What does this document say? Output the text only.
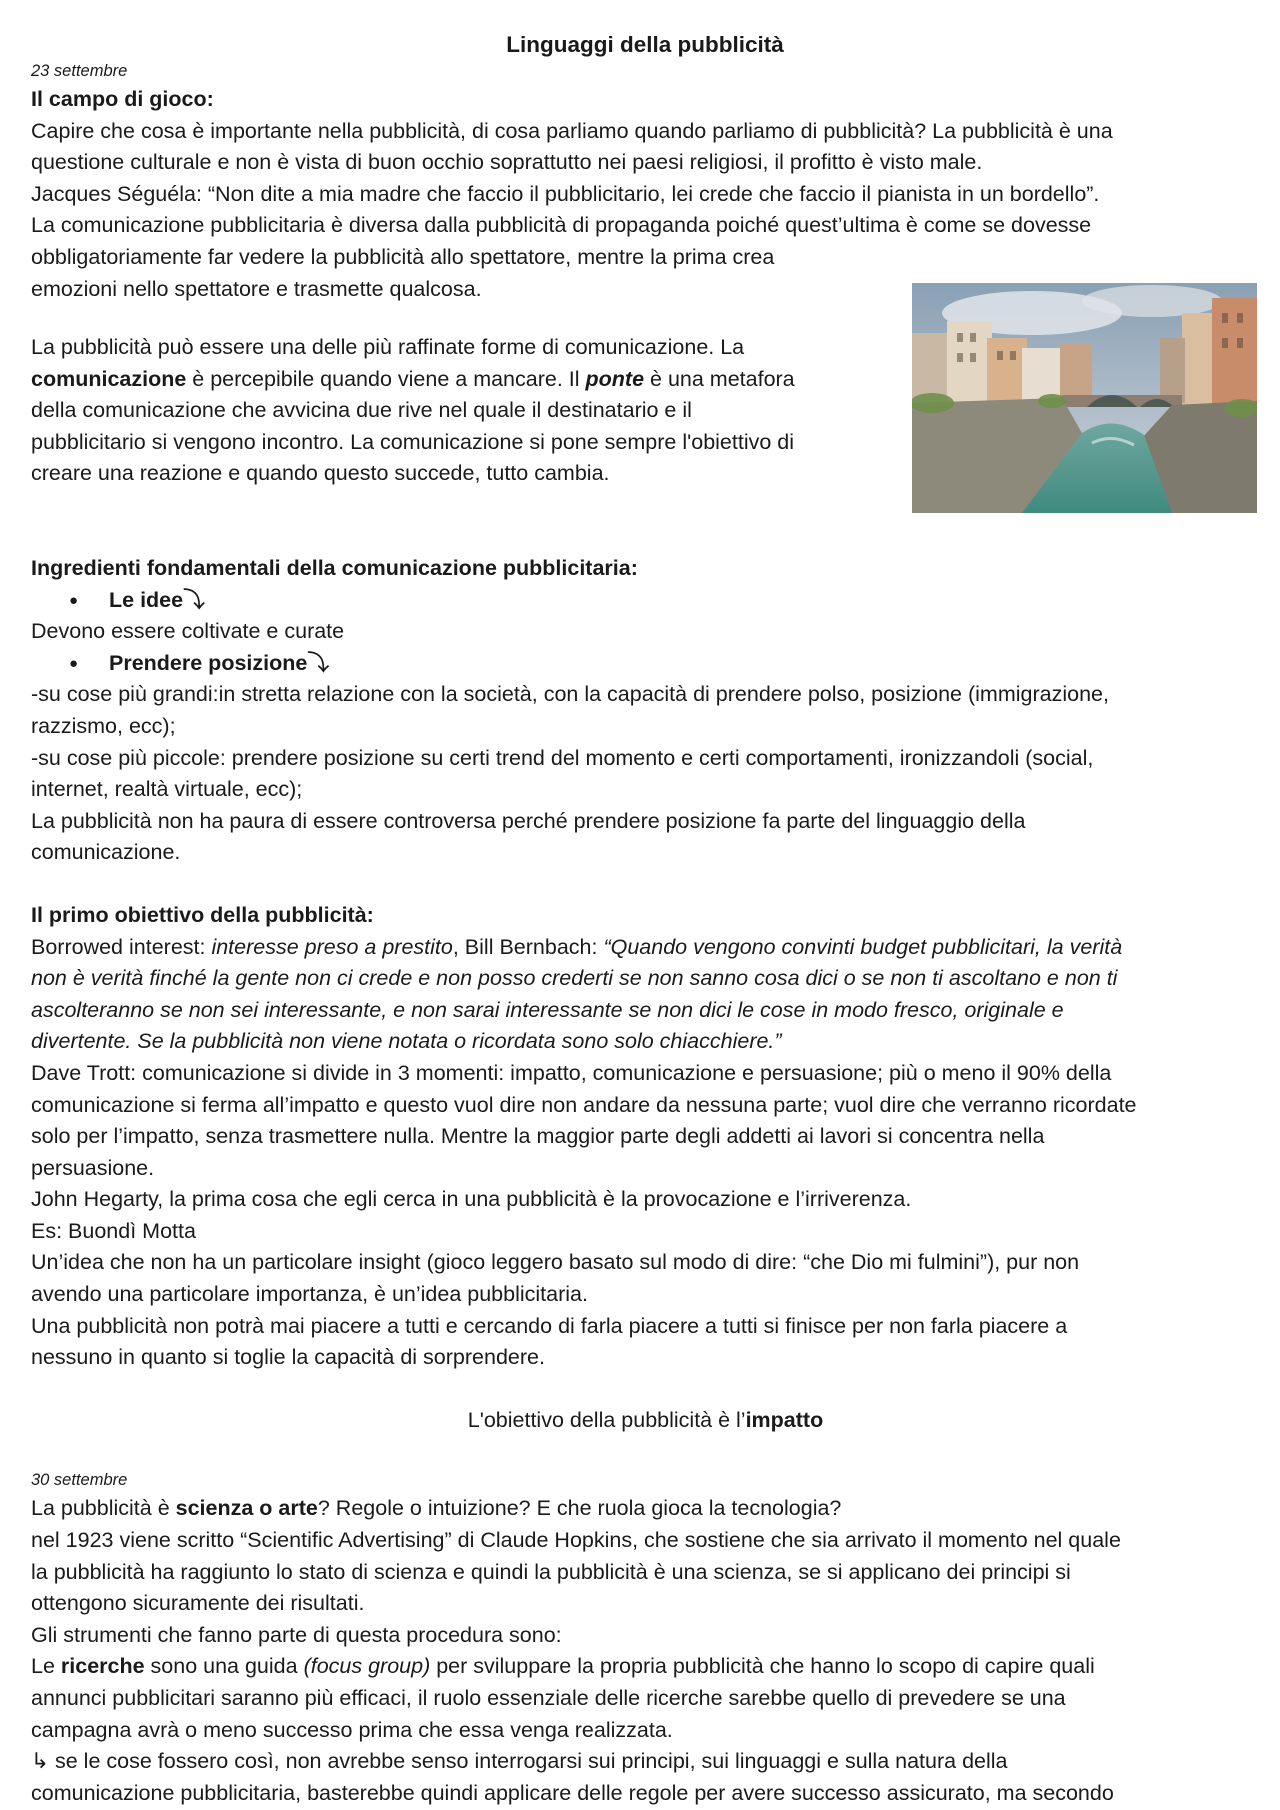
Linguaggi della pubblicità
23 settembre
Il campo di gioco:

Capire che cosa è importante nella pubblicità, di cosa parliamo quando parliamo di pubblicità? La pubblicità è una

questione culturale e non è vista di buon occhio soprattutto nei paesi religiosi, il profitto è visto male.

Jacques Séguéla: “Non dite a mia madre che faccio il pubblicitario, lei crede che faccio il pianista in un bordello”.

La comunicazione pubblicitaria è diversa dalla pubblicità di propaganda poiché quest’ultima è come se dovesse

obbligatoriamente far vedere la pubblicità allo spettatore, mentre la prima crea

emozioni nello spettatore e trasmette qualcosa.

La pubblicità può essere una delle più raffinate forme di comunicazione. La

comunicazione è percepibile quando viene a mancare. Il ponte è una metafora

della comunicazione che avvicina due rive nel quale il destinatario e il

pubblicitario si vengono incontro. La comunicazione si pone sempre l'obiettivo di

creare una reazione e quando questo succede, tutto cambia.

Ingredienti fondamentali della comunicazione pubblicitaria:

● Le idee⤵

Devono essere coltivate e curate

● Prendere posizione⤵

-su cose più grandi:in stretta relazione con la società, con la capacità di prendere polso, posizione (immigrazione,

razzismo, ecc);

-su cose più piccole: prendere posizione su certi trend del momento e certi comportamenti, ironizzandoli (social,

internet, realtà virtuale, ecc);

La pubblicità non ha paura di essere controversa perché prendere posizione fa parte del linguaggio della

comunicazione.

Il primo obiettivo della pubblicità:

Borrowed interest: interesse preso a prestito, Bill Bernbach: “Quando vengono convinti budget pubblicitari, la verità

non è verità finché la gente non ci crede e non posso crederti se non sanno cosa dici o se non ti ascoltano e non ti

ascolteranno se non sei interessante, e non sarai interessante se non dici le cose in modo fresco, originale e

divertente. Se la pubblicità non viene notata o ricordata sono solo chiacchiere.”

Dave Trott: comunicazione si divide in 3 momenti: impatto, comunicazione e persuasione; più o meno il 90% della

comunicazione si ferma all’impatto e questo vuol dire non andare da nessuna parte; vuol dire che verranno ricordate

solo per l’impatto, senza trasmettere nulla. Mentre la maggior parte degli addetti ai lavori si concentra nella

persuasione.

John Hegarty, la prima cosa che egli cerca in una pubblicità è la provocazione e l’irriverenza.

Es: Buondì Motta

Un’idea che non ha un particolare insight (gioco leggero basato sul modo di dire: “che Dio mi fulmini”), pur non

avendo una particolare importanza, è un’idea pubblicitaria.

Una pubblicità non potrà mai piacere a tutti e cercando di farla piacere a tutti si finisce per non farla piacere a

nessuno in quanto si toglie la capacità di sorprendere.

L'obiettivo della pubblicità è l’impatto

30 settembre

La pubblicità è scienza o arte? Regole o intuizione? E che ruola gioca la tecnologia?

nel 1923 viene scritto “Scientific Advertising” di Claude Hopkins, che sostiene che sia arrivato il momento nel quale

la pubblicità ha raggiunto lo stato di scienza e quindi la pubblicità è una scienza, se si applicano dei principi si

ottengono sicuramente dei risultati.

Gli strumenti che fanno parte di questa procedura sono:

Le ricerche sono una guida (focus group) per sviluppare la propria pubblicità che hanno lo scopo di capire quali

annunci pubblicitari saranno più efficaci, il ruolo essenziale delle ricerche sarebbe quello di prevedere se una

campagna avrà o meno successo prima che essa venga realizzata.

↳ se le cose fossero così, non avrebbe senso interrogarsi sui principi, sui linguaggi e sulla natura della

comunicazione pubblicitaria, basterebbe quindi applicare delle regole per avere successo assicurato, ma secondo
